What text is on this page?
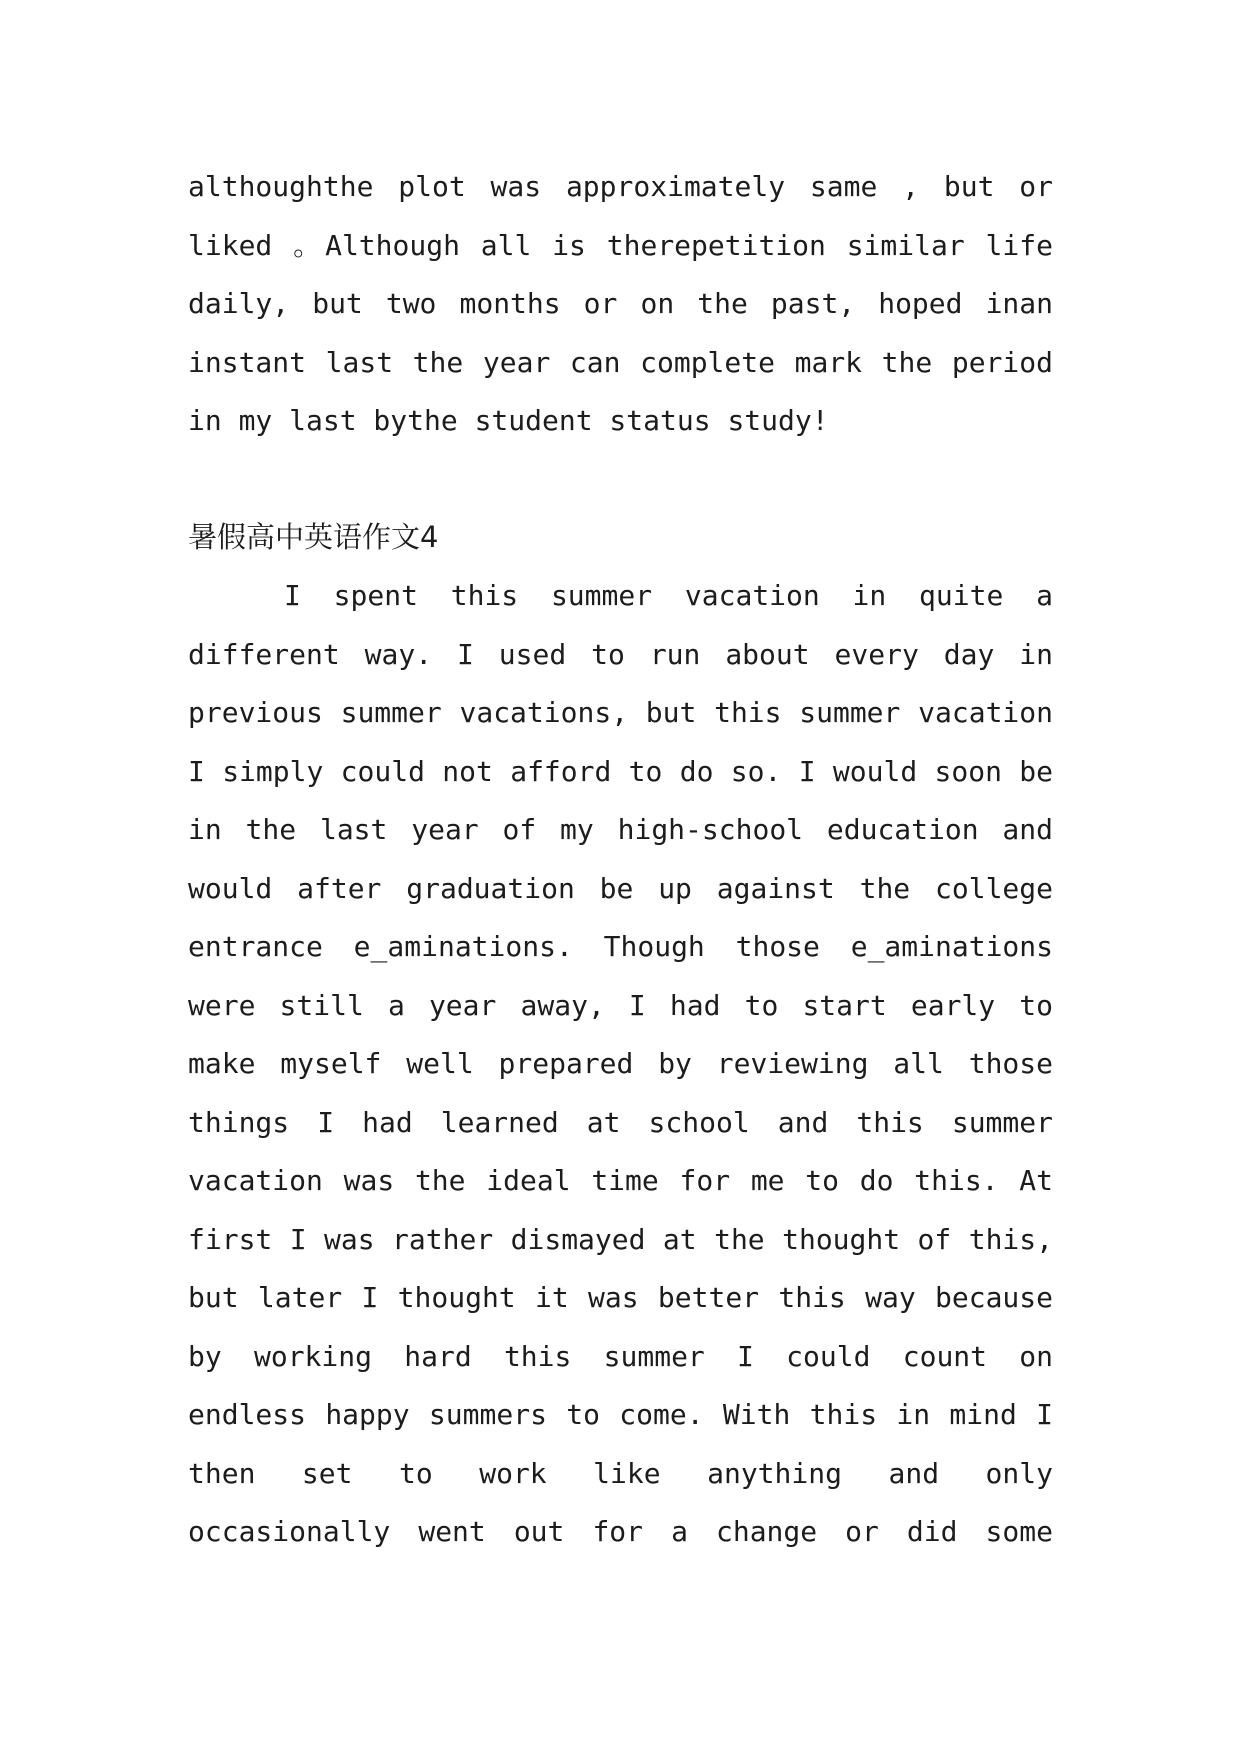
althoughthe plot was approximately same , but or
liked 。Although all is therepetition similar life
daily, but two months or on the past, hoped inan
instant last the year can complete mark the period
in my last bythe student status study!
暑假高中英语作文4
I spent this summer vacation in quite a
different way. I used to run about every day in
previous summer vacations, but this summer vacation
I simply could not afford to do so. I would soon be
in the last year of my high-school education and
would after graduation be up against the college
entrance e_aminations. Though those e_aminations
were still a year away, I had to start early to
make myself well prepared by reviewing all those
things I had learned at school and this summer
vacation was the ideal time for me to do this. At
first I was rather dismayed at the thought of this,
but later I thought it was better this way because
by working hard this summer I could count on
endless happy summers to come. With this in mind I
then set to work like anything and only
occasionally went out for a change or did some
